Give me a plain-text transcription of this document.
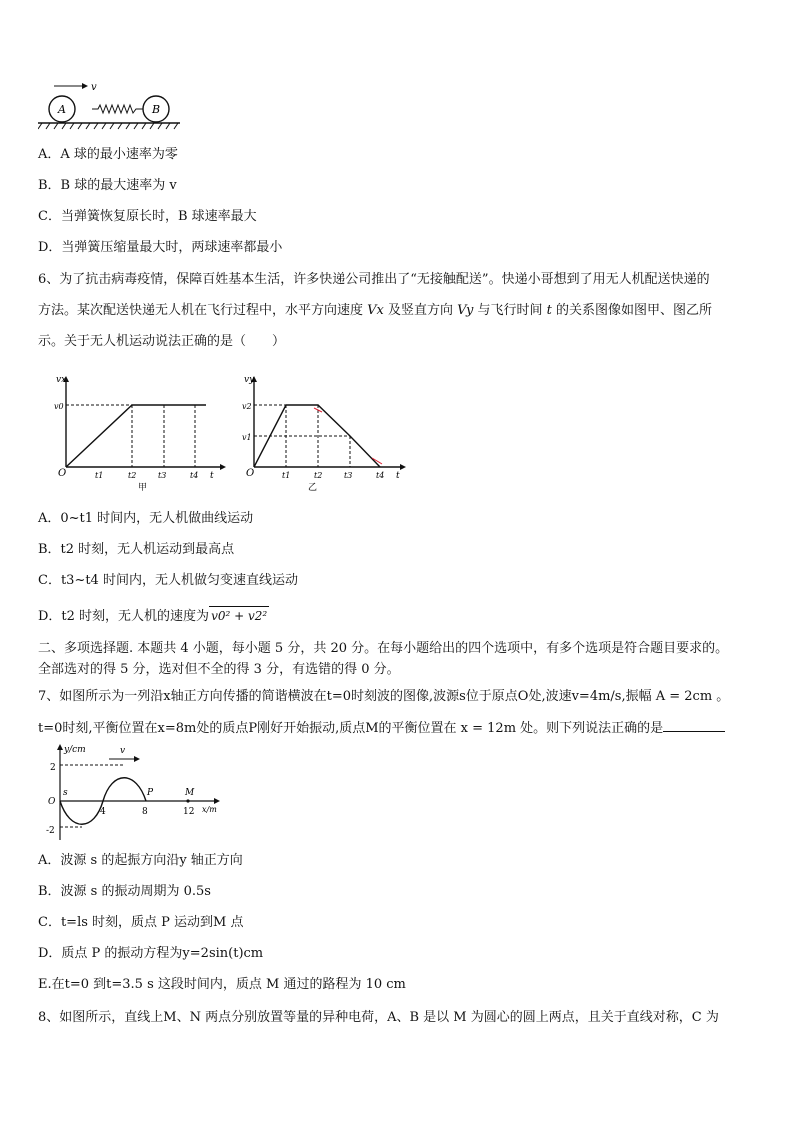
A	B
v
A．A 球的最小速率为零
B．B 球的最大速率为 v
C．当弹簧恢复原长时，B 球速率最大
D．当弹簧压缩量最大时，两球速率都最小
6、为了抗击病毒疫情，保障百姓基本生活，许多快递公司推出了“无接触配送”。快递小哥想到了用无人机配送快递的
方法。某次配送快递无人机在飞行过程中，水平方向速度 Vx 及竖直方向 Vy 与飞行时间 t 的关系图像如图甲、图乙所
示。关于无人机运动说法正确的是（　　）
vx
v0
O	t1	t2	t3	t4 t
甲
vy
v2
v1
O	t1	t2	t3	t4 t
乙
A．0~t1 时间内，无人机做曲线运动
B．t2 时刻，无人机运动到最高点
C．t3~t4 时间内，无人机做匀变速直线运动
D．t2 时刻，无人机的速度为 v0² + v2²
二、多项选择题. 本题共 4 小题，每小题 5 分，共 20 分。在每小题给出的四个选项中，有多个选项是符合题目要求的。
全部选对的得 5 分，选对但不全的得 3 分，有选错的得 0 分。
7、如图所示为一列沿x轴正方向传播的简谐横波在t=0时刻波的图像,波源s位于原点O处,波速v=4m/s,振幅 A = 2cm 。
t=0时刻,平衡位置在x=8m处的质点P刚好开始振动,质点M的平衡位置在 x = 12m 处。则下列说法正确的是
y/cm
x/m
2
-2
O
s
4	8	12
P	M
v
A．波源 s 的起振方向沿y 轴正方向
B．波源 s 的振动周期为 0.5s
C．t=ls 时刻，质点 P 运动到M 点
D．质点 P 的振动方程为y=2sin(t)cm
E.在t=0 到t=3.5 s 这段时间内，质点 M 通过的路程为 10 cm
8、如图所示，直线上M、N 两点分别放置等量的异种电荷，A、B 是以 M 为圆心的圆上两点，且关于直线对称，C 为
